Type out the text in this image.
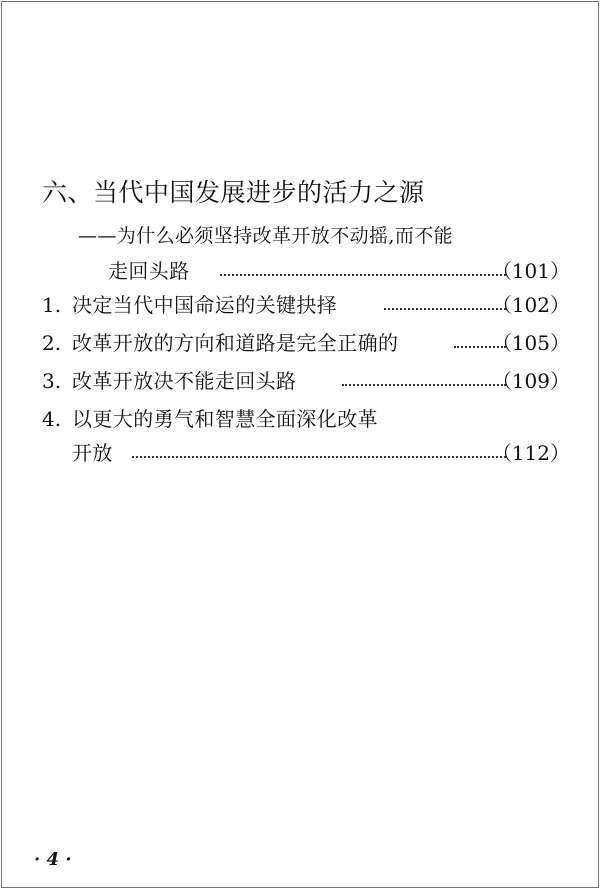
六、当代中国发展进步的活力之源
——为什么必须坚持改革开放不动摇,而不能
走回头路	（101）
1. 决定当代中国命运的关键抉择	（102）
2. 改革开放的方向和道路是完全正确的	（105）
3. 改革开放决不能走回头路	（109）
4. 以更大的勇气和智慧全面深化改革
开放	（112）
· 4 ·
